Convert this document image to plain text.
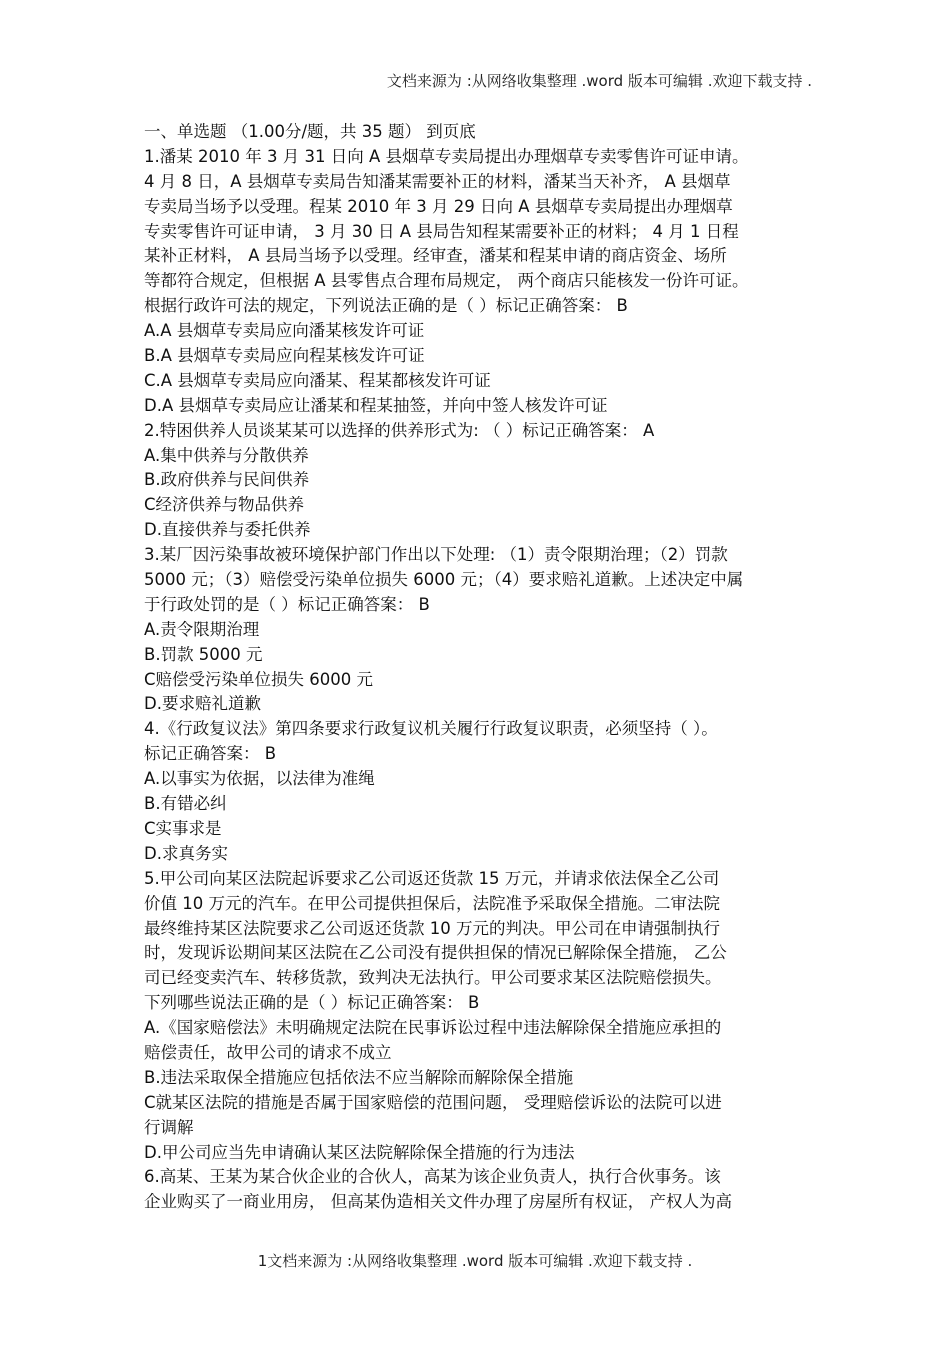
文档来源为 :从网络收集整理 .word 版本可编辑 .欢迎下载支持 .
一、单选题 （1.00分/题，共 35 题） 到页底
1.潘某 2010 年 3 月 31 日向 A 县烟草专卖局提出办理烟草专卖零售许可证申请。
4 月 8 日，A 县烟草专卖局告知潘某需要补正的材料，潘某当天补齐， A 县烟草
专卖局当场予以受理。程某 2010 年 3 月 29 日向 A 县烟草专卖局提出办理烟草
专卖零售许可证申请， 3 月 30 日 A 县局告知程某需要补正的材料； 4 月 1 日程
某补正材料， A 县局当场予以受理。经审查，潘某和程某申请的商店资金、场所
等都符合规定，但根据 A 县零售点合理布局规定， 两个商店只能核发一份许可证。
根据行政许可法的规定，下列说法正确的是（ ）标记正确答案： B
A.A 县烟草专卖局应向潘某核发许可证
B.A 县烟草专卖局应向程某核发许可证
C.A 县烟草专卖局应向潘某、程某都核发许可证
D.A 县烟草专卖局应让潘某和程某抽签，并向中签人核发许可证
2.特困供养人员谈某某可以选择的供养形式为: （ ）标记正确答案： A
A.集中供养与分散供养
B.政府供养与民间供养
C经济供养与物品供养
D.直接供养与委托供养
3.某厂因污染事故被环境保护部门作出以下处理: （1）责令限期治理；（2）罚款
5000 元；（3）赔偿受污染单位损失 6000 元；（4）要求赔礼道歉。上述决定中属
于行政处罚的是（ ）标记正确答案： B
A.责令限期治理
B.罚款 5000 元
C赔偿受污染单位损失 6000 元
D.要求赔礼道歉
4.《行政复议法》第四条要求行政复议机关履行行政复议职责，必须坚持（ ）。
标记正确答案： B
A.以事实为依据，以法律为准绳
B.有错必纠
C实事求是
D.求真务实
5.甲公司向某区法院起诉要求乙公司返还货款 15 万元，并请求依法保全乙公司
价值 10 万元的汽车。在甲公司提供担保后，法院准予采取保全措施。二审法院
最终维持某区法院要求乙公司返还货款 10 万元的判决。甲公司在申请强制执行
时，发现诉讼期间某区法院在乙公司没有提供担保的情况已解除保全措施， 乙公
司已经变卖汽车、转移货款，致判决无法执行。甲公司要求某区法院赔偿损失。
下列哪些说法正确的是（ ）标记正确答案： B
A.《国家赔偿法》未明确规定法院在民事诉讼过程中违法解除保全措施应承担的
赔偿责任，故甲公司的请求不成立
B.违法采取保全措施应包括依法不应当解除而解除保全措施
C就某区法院的措施是否属于国家赔偿的范围问题， 受理赔偿诉讼的法院可以进
行调解
D.甲公司应当先申请确认某区法院解除保全措施的行为违法
6.高某、王某为某合伙企业的合伙人，高某为该企业负责人，执行合伙事务。该
企业购买了一商业用房， 但高某伪造相关文件办理了房屋所有权证， 产权人为高
1文档来源为 :从网络收集整理 .word 版本可编辑 .欢迎下载支持 .
